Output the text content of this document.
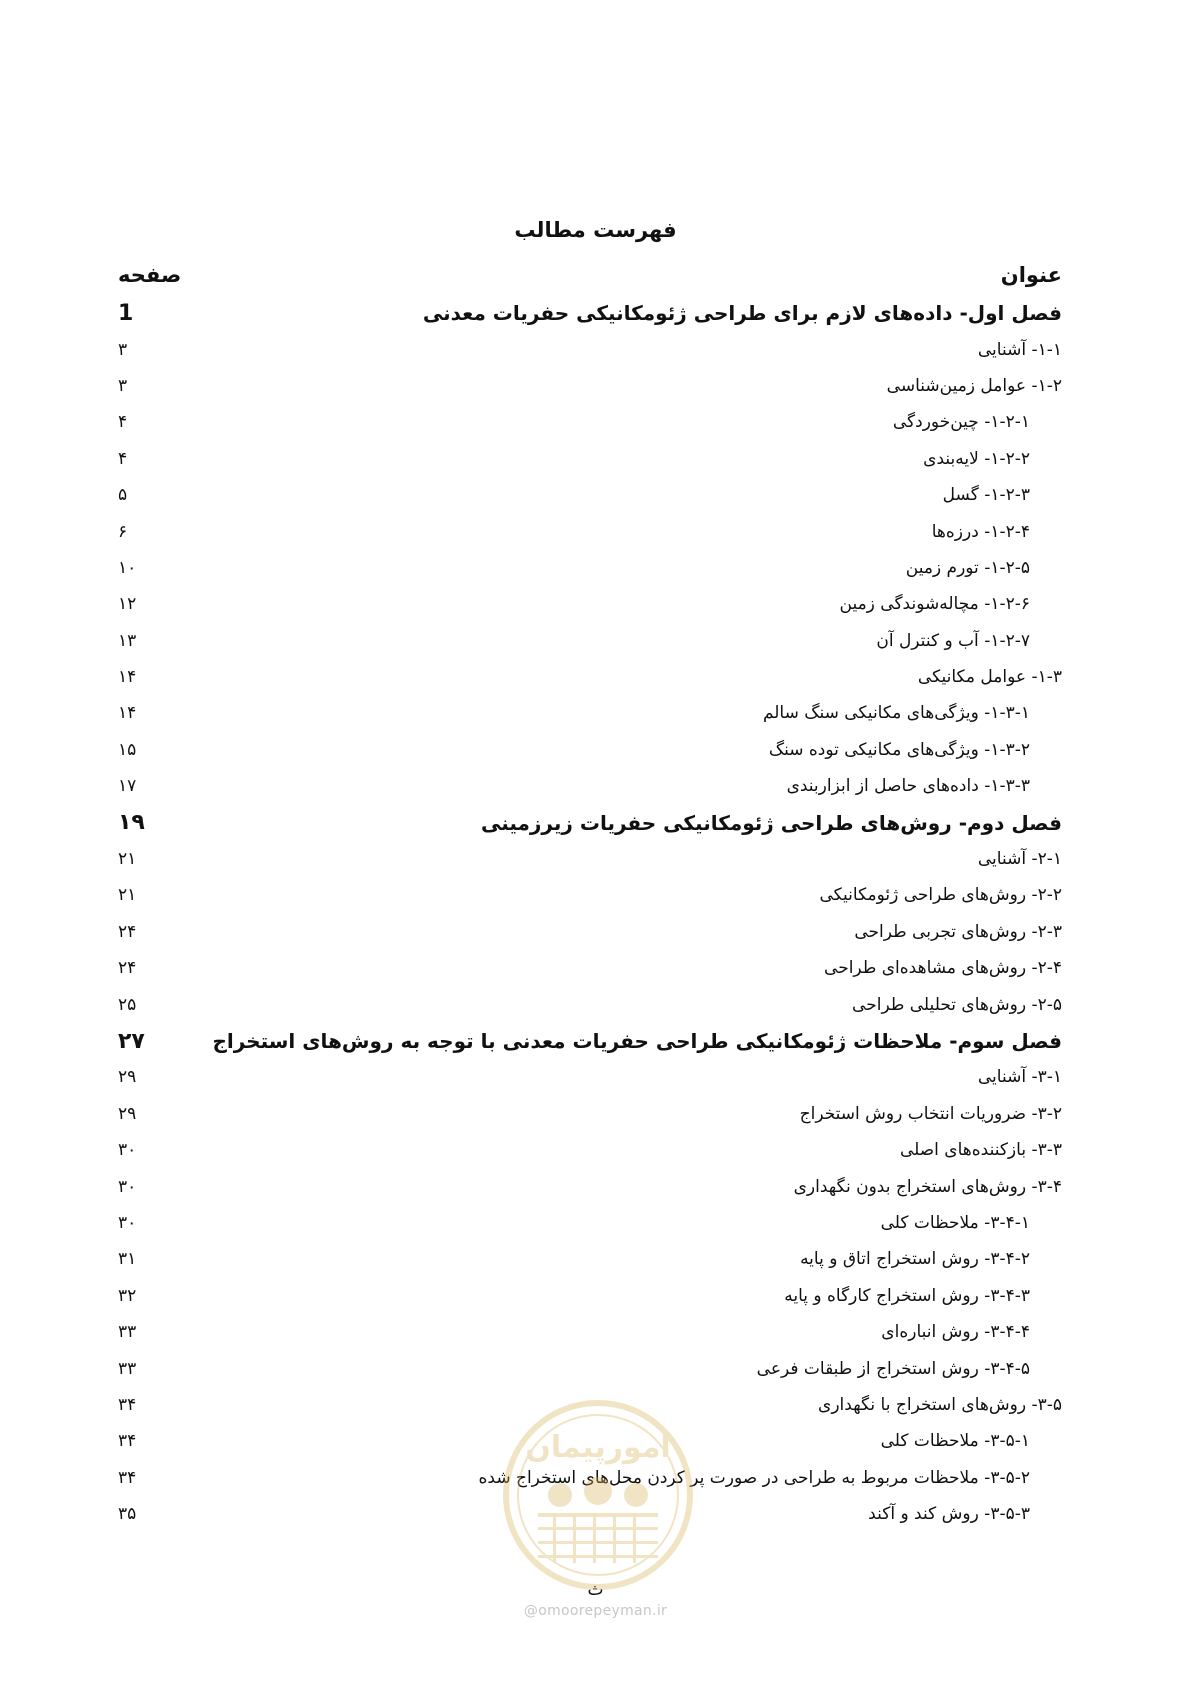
فهرست مطالب
عنوان
صفحه
فصل اول- داده‌های لازم برای طراحی ژئومکانیکی حفریات معدنی
1
۱-۱- آشنایی
۳
۱-۲- عوامل زمین‌شناسی
۳
۱-۲-۱- چین‌خوردگی
۴
۱-۲-۲- لایه‌بندی
۴
۱-۲-۳- گسل
۵
۱-۲-۴- درزه‌ها
۶
۱-۲-۵- تورم زمین
۱۰
۱-۲-۶- مچاله‌شوندگی زمین
۱۲
۱-۲-۷- آب و کنترل آن
۱۳
۱-۳- عوامل مکانیکی
۱۴
۱-۳-۱- ویژگی‌های مکانیکی سنگ سالم
۱۴
۱-۳-۲- ویژگی‌های مکانیکی توده سنگ
۱۵
۱-۳-۳- داده‌های حاصل از ابزاربندی
۱۷
فصل دوم- روش‌های طراحی ژئومکانیکی حفریات زیرزمینی
۱۹
۲-۱- آشنایی
۲۱
۲-۲- روش‌های طراحی ژئومکانیکی
۲۱
۲-۳- روش‌های تجربی طراحی
۲۴
۲-۴- روش‌های مشاهده‌ای طراحی
۲۴
۲-۵- روش‌های تحلیلی طراحی
۲۵
فصل سوم- ملاحظات ژئومکانیکی طراحی حفریات معدنی با توجه به روش‌های استخراج
۲۷
۳-۱- آشنایی
۲۹
۳-۲- ضروریات انتخاب روش استخراج
۲۹
۳-۳- بازکننده‌های اصلی
۳۰
۳-۴- روش‌های استخراج بدون نگهداری
۳۰
۳-۴-۱- ملاحظات کلی
۳۰
۳-۴-۲- روش استخراج اتاق و پایه
۳۱
۳-۴-۳- روش استخراج کارگاه و پایه
۳۲
۳-۴-۴- روش انباره‌ای
۳۳
۳-۴-۵- روش استخراج از طبقات فرعی
۳۳
۳-۵- روش‌های استخراج با نگهداری
۳۴
۳-۵-۱- ملاحظات کلی
۳۴
۳-۵-۲- ملاحظات مربوط به طراحی در صورت پر کردن محل‌های استخراج شده
۳۴
۳-۵-۳- روش کند و آکند
۳۵
امورپیمان
ث
@omoorepeyman.ir
